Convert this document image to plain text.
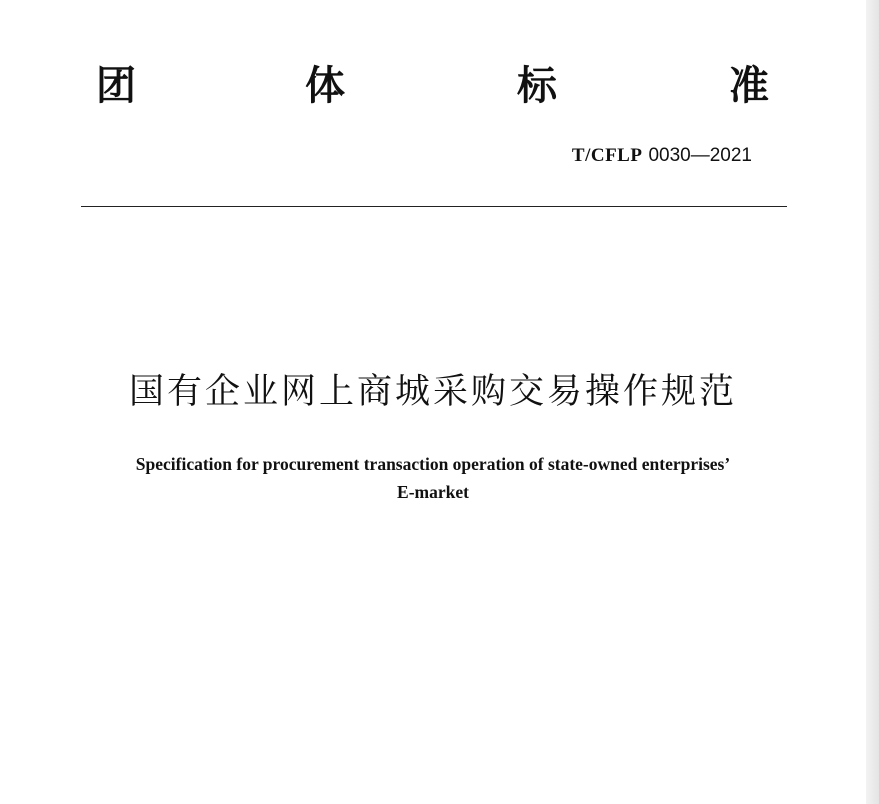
团	体	标	准
T/CFLP 0030—2021
国有企业网上商城采购交易操作规范
Specification for procurement transaction operation of state-owned enterprises’
E-market
